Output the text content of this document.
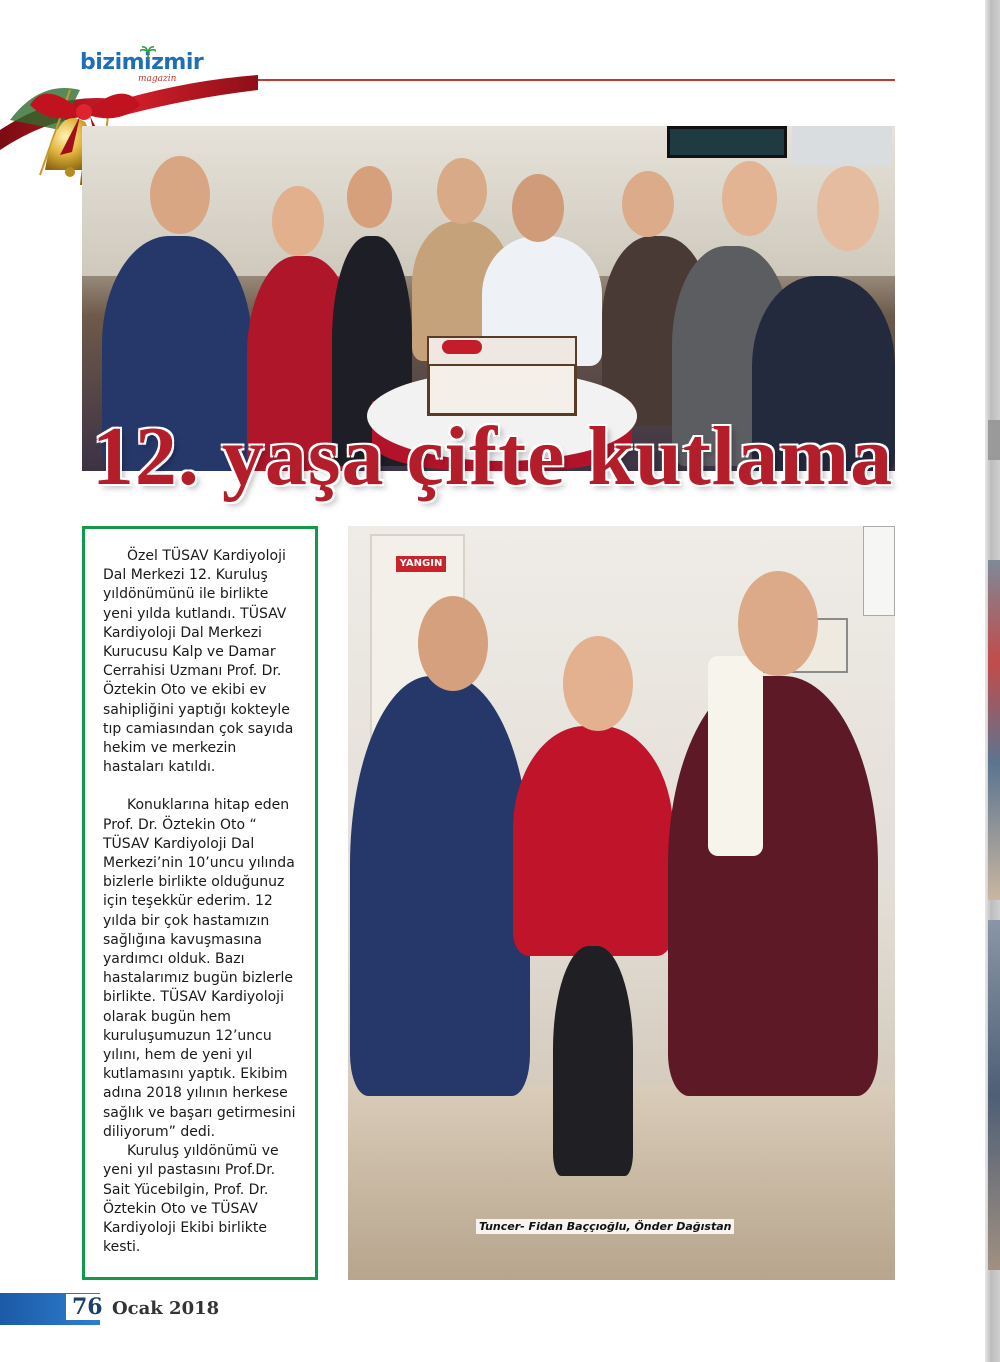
bizimizmir
magazin
12. yaşa çifte kutlama

Özel TÜSAV Kardiyoloji Dal Merkezi 12. Kuruluş yıldönümünü ile birlikte yeni yılda kutlandı. TÜSAV Kardiyoloji Dal Merkezi Kurucusu Kalp ve Damar Cerrahisi Uzmanı Prof. Dr. Öztekin Oto ve ekibi ev sahipliğini yaptığı kokteyle tıp camiasından çok sayıda hekim ve merkezin hastaları katıldı.

Konuklarına hitap eden Prof. Dr. Öztekin Oto “ TÜSAV Kardiyoloji Dal Merkezi’nin 10’uncu yılında bizlerle birlikte olduğunuz için teşekkür ederim. 12 yılda bir çok hastamızın sağlığına kavuşmasına yardımcı olduk. Bazı hastalarımız bugün bizlerle birlikte. TÜSAV Kardiyoloji olarak bugün hem kuruluşumuzun 12’uncu yılını, hem de yeni yıl kutlamasını yaptık. Ekibim adına 2018 yılının herkese sağlık ve başarı getirmesini diliyorum” dedi.

Kuruluş yıldönümü ve yeni yıl pastasını Prof.Dr. Sait Yücebilgin, Prof. Dr. Öztekin Oto ve TÜSAV Kardiyoloji Ekibi birlikte kesti.

YANGIN
Tuncer- Fidan Baççıoğlu, Önder Dağıstan
76 Ocak 2018
